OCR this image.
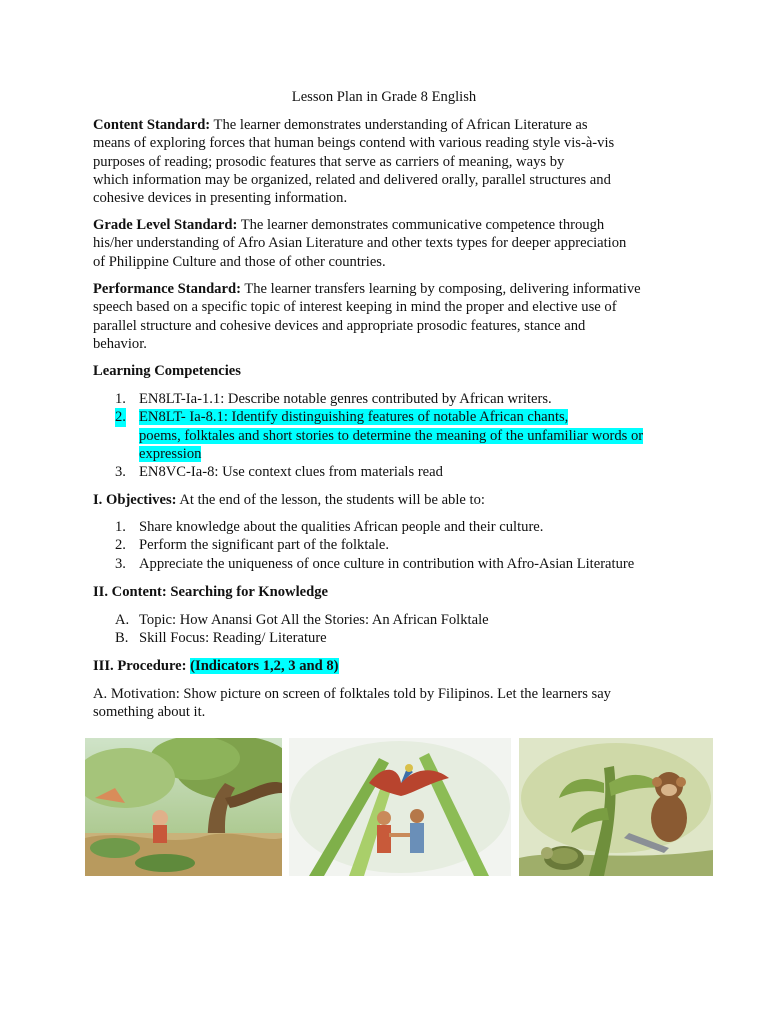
Lesson Plan in Grade 8 English
Content Standard: The learner demonstrates understanding of African Literature as
means of exploring forces that human beings contend with various reading style vis-à-vis
purposes of reading; prosodic features that serve as carriers of meaning, ways by
which information may be organized, related and delivered orally, parallel structures and
cohesive devices in presenting information.
Grade Level Standard: The learner demonstrates communicative competence through
his/her understanding of Afro Asian Literature and other texts types for deeper appreciation
of Philippine Culture and those of other countries.
Performance Standard: The learner transfers learning by composing, delivering informative
speech based on a specific topic of interest keeping in mind the proper and elective use of
parallel structure and cohesive devices and appropriate prosodic features, stance and
behavior.
Learning Competencies
1. EN8LT-Ia-1.1: Describe notable genres contributed by African writers.
2. EN8LT- Ia-8.1: Identify distinguishing features of notable African chants,
poems, folktales and short stories to determine the meaning of the unfamiliar words or
expression
3. EN8VC-Ia-8: Use context clues from materials read
I. Objectives: At the end of the lesson, the students will be able to:
1. Share knowledge about the qualities African people and their culture.
2. Perform the significant part of the folktale.
3. Appreciate the uniqueness of once culture in contribution with Afro-Asian Literature
II. Content: Searching for Knowledge
A. Topic: How Anansi Got All the Stories: An African Folktale
B. Skill Focus: Reading/ Literature
III. Procedure: (Indicators 1,2, 3 and 8)
A. Motivation: Show picture on screen of folktales told by Filipinos. Let the learners say
something about it.
